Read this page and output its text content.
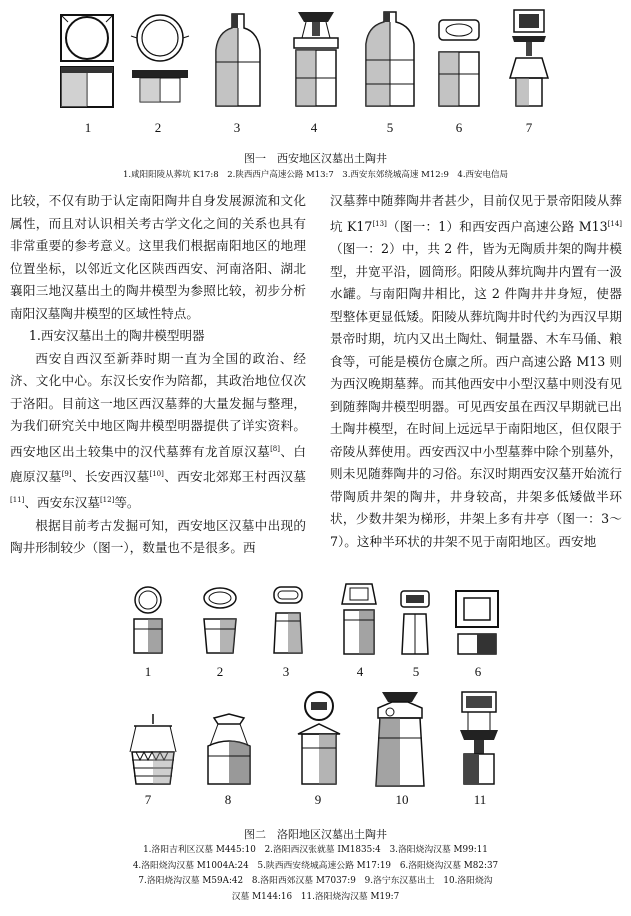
1	2	3	4	5	6	7
图一　西安地区汉墓出土陶井
1.咸阳阳陵从葬坑 K17:8　2.陕西西户高速公路 M13:7　3.西安东郊绕城高速 M12:9　4.西安电信局

比较，不仅有助于认定南阳陶井自身发展源流和文化属性，而且对认识相关考古学文化之间的关系也具有非常重要的参考意义。这里我们根据南阳地区的地理位置坐标，以邻近文化区陕西西安、河南洛阳、湖北襄阳三地汉墓出土的陶井模型为参照比较，初步分析南阳汉墓陶井模型的区域性特点。

1.西安汉墓出土的陶井模型明器

西安自西汉至新莽时期一直为全国的政治、经济、文化中心。东汉长安作为陪都，其政治地位仅次于洛阳。目前这一地区西汉墓葬的大量发掘与整理，为我们研究关中地区陶井模型明器提供了详实资料。西安地区出土较集中的汉代墓葬有龙首原汉墓[8]、白鹿原汉墓[9]、长安西汉墓[10]、西安北郊郑王村西汉墓[11]、西安东汉墓[12]等。

根据目前考古发掘可知，西安地区汉墓中出现的陶井形制较少（图一），数量也不是很多。西

汉墓葬中随葬陶井者甚少，目前仅见于景帝阳陵从葬坑 K17[13]（图一：1）和西安西户高速公路 M13[14]（图一：2）中，共 2 件，皆为无陶质井架的陶井模型，井宽平沿，圆筒形。阳陵从葬坑陶井内置有一汲水罐。与南阳陶井相比，这 2 件陶井井身短，使器型整体更显低矮。阳陵从葬坑陶井时代约为西汉早期景帝时期，坑内又出土陶灶、铜量器、木车马俑、粮食等，可能是模仿仓廪之所。西户高速公路 M13 则为西汉晚期墓葬。而其他西安中小型汉墓中则没有见到随葬陶井模型明器。可见西安虽在西汉早期就已出土陶井模型，在时间上远远早于南阳地区，但仅限于帝陵从葬使用。西安西汉中小型墓葬中除个别墓外，则未见随葬陶井的习俗。东汉时期西安汉墓开始流行带陶质井架的陶井，井身较高，井架多低矮做半环状，少数井架为梯形，井架上多有井亭（图一：3～7）。这种半环状的井架不见于南阳地区。西安地

1	2	3	4	5	6
7	8	9	10	11
图二　洛阳地区汉墓出土陶井
1.洛阳吉利区汉墓 M445:10　2.洛阳西汉张就墓 IM1835:4　3.洛阳烧沟汉墓 M99:11
4.洛阳烧沟汉墓 M1004A:24　5.陕西西安绕城高速公路 M17:19　6.洛阳烧沟汉墓 M82:37
7.洛阳烧沟汉墓 M59A:42　8.洛阳西郊汉墓 M7037:9　9.洛宁东汉墓出土　10.洛阳烧沟
汉墓 M144:16　11.洛阳烧沟汉墓 M19:7
